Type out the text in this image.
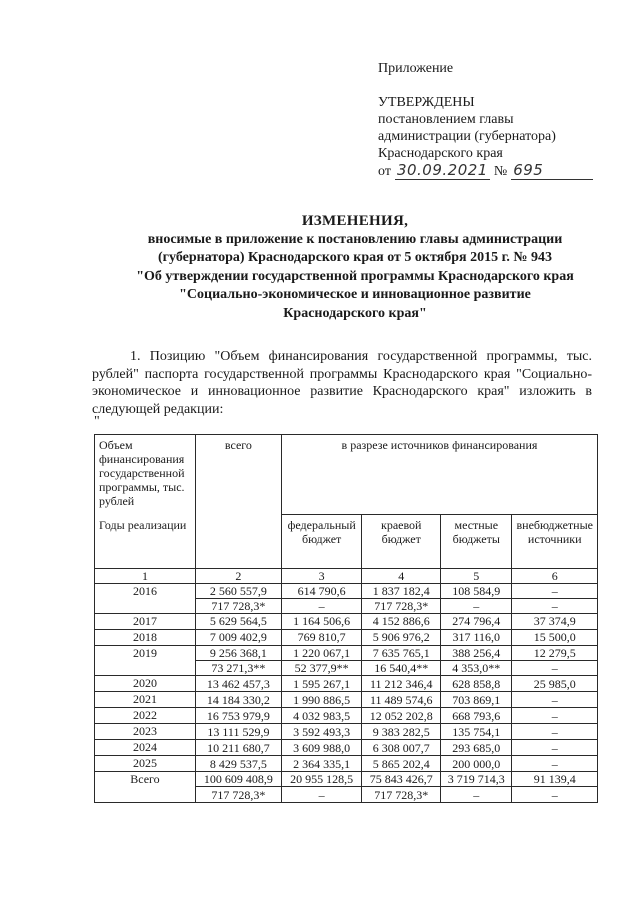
Приложение
УТВЕРЖДЕНЫ
постановлением главы
администрации (губернатора)
Краснодарского края
от 30.09.2021 № 695
ИЗМЕНЕНИЯ,
вносимые в приложение к постановлению главы администрации
(губернатора) Краснодарского края от 5 октября 2015 г. № 943
"Об утверждении государственной программы Краснодарского края
"Социально-экономическое и инновационное развитие
Краснодарского края"
1. Позицию "Объем финансирования государственной программы, тыс. рублей" паспорта государственной программы Краснодарского края "Социально-экономическое и инновационное развитие Краснодарского края" изложить в следующей редакции:
"
Объем финансирования государственной программы, тыс. рублей	всего	в разрезе источников финансирования			
Годы реализации		федеральный бюджет	краевой бюджет	местные бюджеты	внебюджетные источники
1	2	3	4	5	6
2016	2 560 557,9	614 790,6	1 837 182,4	108 584,9	–
	717 728,3*	–	717 728,3*	–	–
2017	5 629 564,5	1 164 506,6	4 152 886,6	274 796,4	37 374,9
2018	7 009 402,9	769 810,7	5 906 976,2	317 116,0	15 500,0
2019	9 256 368,1	1 220 067,1	7 635 765,1	388 256,4	12 279,5
	73 271,3**	52 377,9**	16 540,4**	4 353,0**	–
2020	13 462 457,3	1 595 267,1	11 212 346,4	628 858,8	25 985,0
2021	14 184 330,2	1 990 886,5	11 489 574,6	703 869,1	–
2022	16 753 979,9	4 032 983,5	12 052 202,8	668 793,6	–
2023	13 111 529,9	3 592 493,3	9 383 282,5	135 754,1	–
2024	10 211 680,7	3 609 988,0	6 308 007,7	293 685,0	–
2025	8 429 537,5	2 364 335,1	5 865 202,4	200 000,0	–
Всего	100 609 408,9	20 955 128,5	75 843 426,7	3 719 714,3	91 139,4
	717 728,3*	–	717 728,3*	–	–
